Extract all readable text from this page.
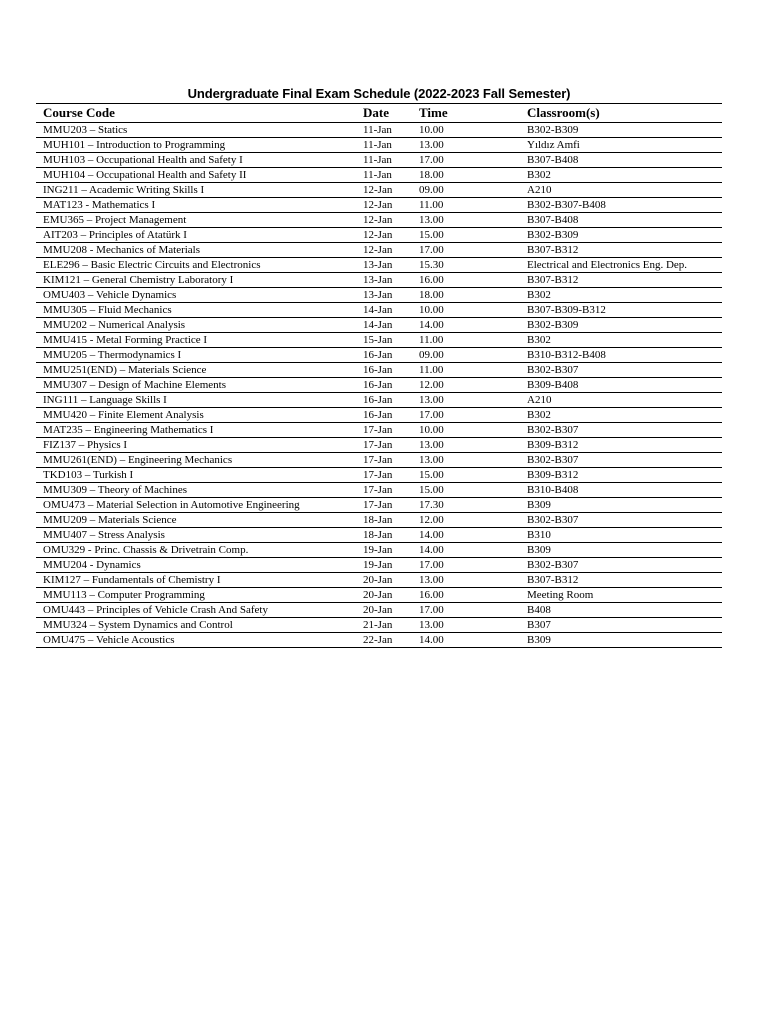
Undergraduate Final Exam Schedule (2022-2023 Fall Semester)
Course Code	Date	Time	Classroom(s)
MMU203 – Statics	11-Jan	10.00	B302-B309
MUH101 – Introduction to Programming	11-Jan	13.00	Yıldız Amfi
MUH103 – Occupational Health and Safety I	11-Jan	17.00	B307-B408
MUH104 – Occupational Health and Safety II	11-Jan	18.00	B302
ING211 – Academic Writing Skills I	12-Jan	09.00	A210
MAT123 - Mathematics I	12-Jan	11.00	B302-B307-B408
EMU365 – Project Management	12-Jan	13.00	B307-B408
AIT203 – Principles of Atatürk I	12-Jan	15.00	B302-B309
MMU208 - Mechanics of Materials	12-Jan	17.00	B307-B312
ELE296 – Basic Electric Circuits and Electronics	13-Jan	15.30	Electrical and Electronics Eng. Dep.
KIM121 – General Chemistry Laboratory I	13-Jan	16.00	B307-B312
OMU403 – Vehicle Dynamics	13-Jan	18.00	B302
MMU305 – Fluid Mechanics	14-Jan	10.00	B307-B309-B312
MMU202 – Numerical Analysis	14-Jan	14.00	B302-B309
MMU415 - Metal Forming Practice I	15-Jan	11.00	B302
MMU205 – Thermodynamics I	16-Jan	09.00	B310-B312-B408
MMU251(END) – Materials Science	16-Jan	11.00	B302-B307
MMU307 – Design of Machine Elements	16-Jan	12.00	B309-B408
ING111 – Language Skills I	16-Jan	13.00	A210
MMU420 – Finite Element Analysis	16-Jan	17.00	B302
MAT235 – Engineering Mathematics I	17-Jan	10.00	B302-B307
FIZ137 – Physics I	17-Jan	13.00	B309-B312
MMU261(END) – Engineering Mechanics	17-Jan	13.00	B302-B307
TKD103 – Turkish I	17-Jan	15.00	B309-B312
MMU309 – Theory of Machines	17-Jan	15.00	B310-B408
OMU473 – Material Selection in Automotive Engineering	17-Jan	17.30	B309
MMU209 – Materials Science	18-Jan	12.00	B302-B307
MMU407 – Stress Analysis	18-Jan	14.00	B310
OMU329 - Princ. Chassis & Drivetrain Comp.	19-Jan	14.00	B309
MMU204 - Dynamics	19-Jan	17.00	B302-B307
KIM127 – Fundamentals of Chemistry I	20-Jan	13.00	B307-B312
MMU113 – Computer Programming	20-Jan	16.00	Meeting Room
OMU443 – Principles of Vehicle Crash And Safety	20-Jan	17.00	B408
MMU324 – System Dynamics and Control	21-Jan	13.00	B307
OMU475 – Vehicle Acoustics	22-Jan	14.00	B309
